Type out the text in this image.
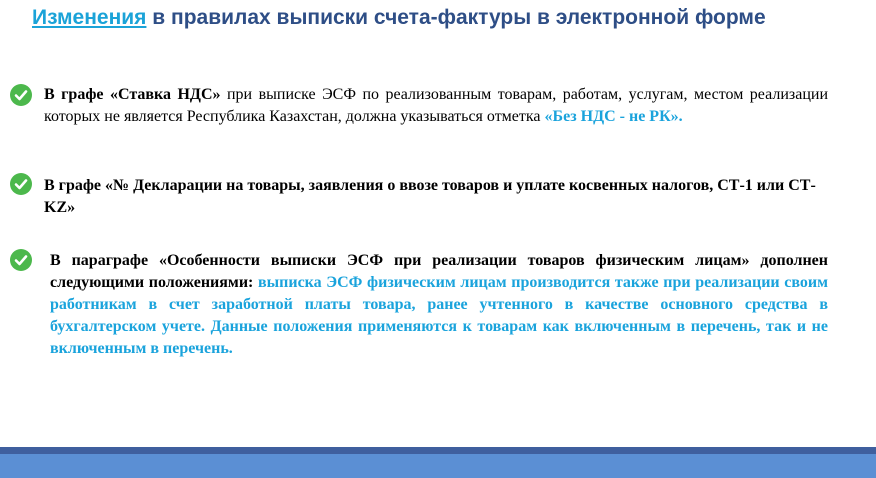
Изменения в правилах выписки счета-фактуры в электронной форме
В графе «Ставка НДС» при выписке ЭСФ по реализованным товарам, работам, услугам, местом реализации которых не является Республика Казахстан, должна указываться отметка «Без НДС - не РК».
В графе «№ Декларации на товары, заявления о ввозе товаров и уплате косвенных налогов, СТ-1 или СТ-KZ»
В параграфе «Особенности выписки ЭСФ при реализации товаров физическим лицам» дополнен следующими положениями: выписка ЭСФ физическим лицам производится также при реализации своим работникам в счет заработной платы товара, ранее учтенного в качестве основного средства в бухгалтерском учете. Данные положения применяются к товарам как включенным в перечень, так и не включенным в перечень.
